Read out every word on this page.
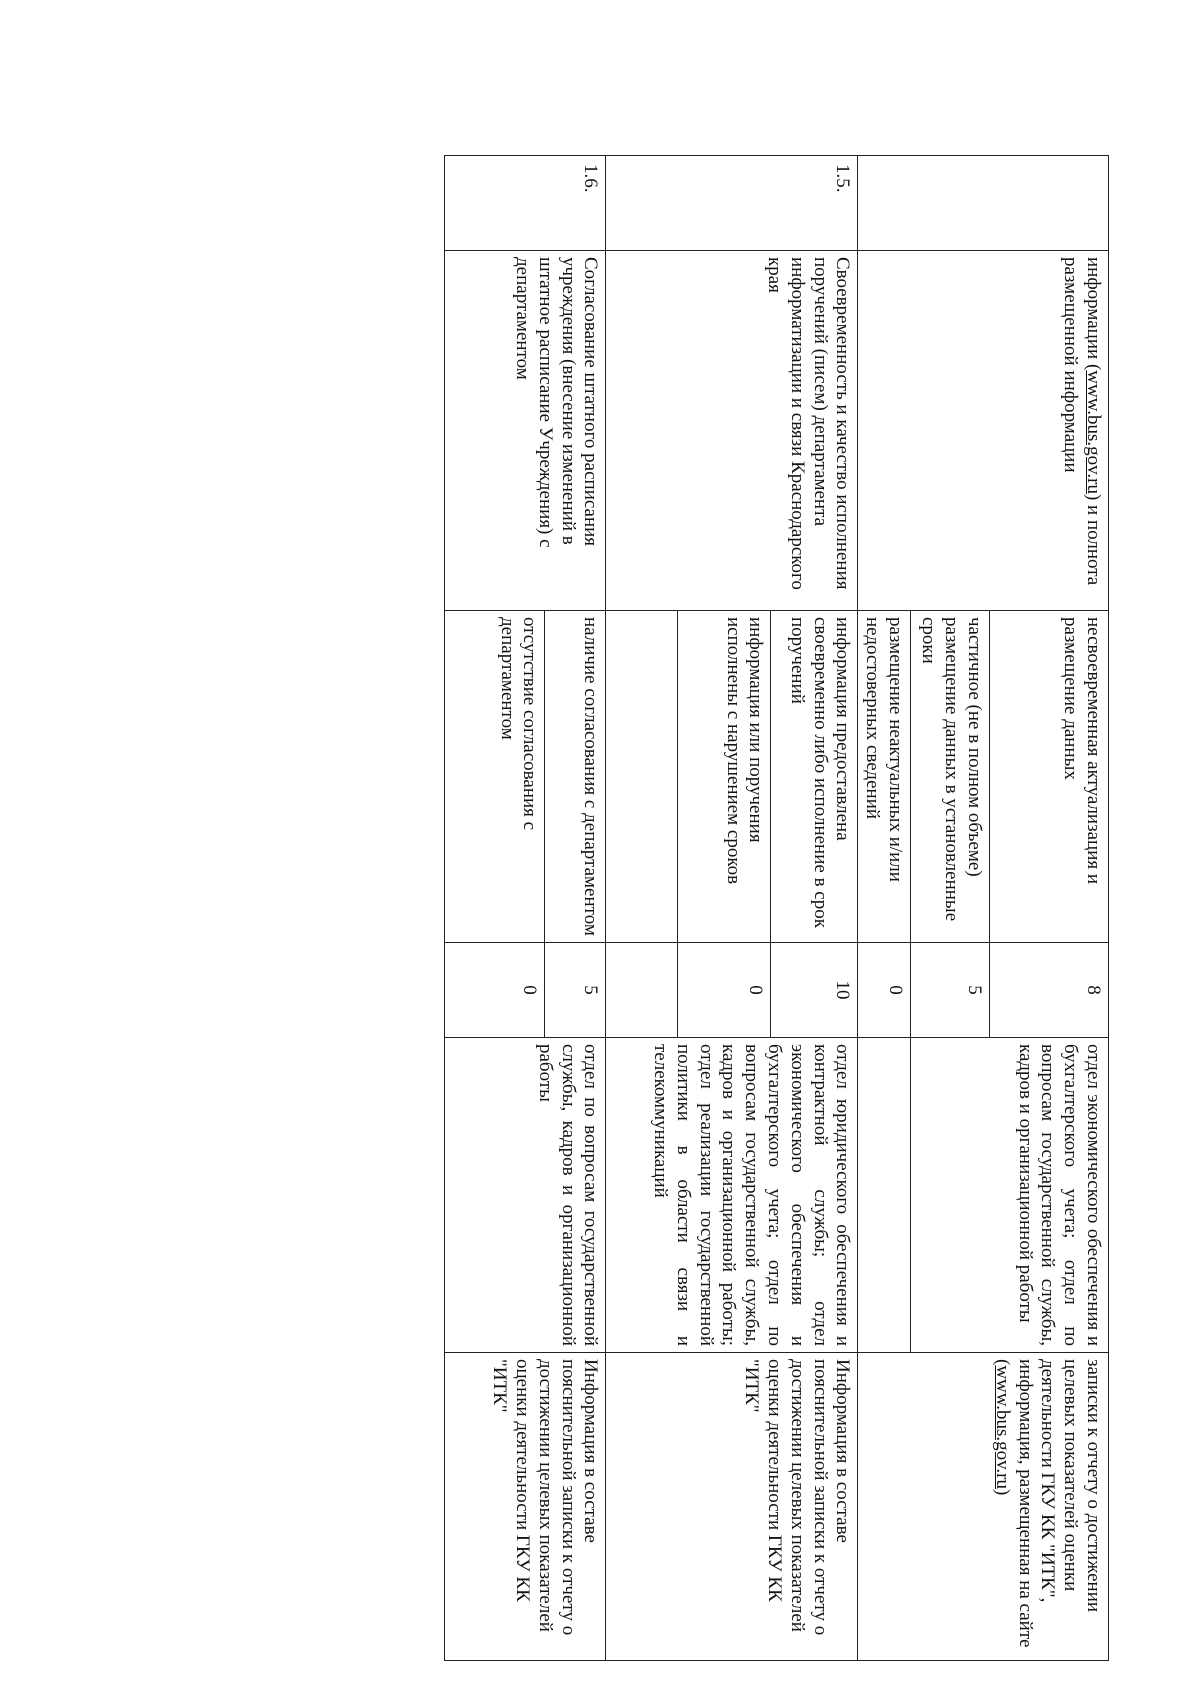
	информации (www.bus.gov.ru) и полнота размещенной информации	несвоевременная актуализация и размещение данных	8	отдел экономического обеспечения и бухгалтерского учета; отдел по вопросам государственной службы, кадров и организационной работы	записки к отчету о достижении целевых показателей оценки деятельности ГКУ КК "ИТК", информация, размещенная на сайте (www.bus.gov.ru)
		частичное (не в полном объеме) размещение данных в установленные сроки	5		
		размещение неактуальных и/или недостоверных сведений	0		
1.5.	Своевременность и качество исполнения поручений (писем) департамента информатизации и связи Краснодарского края	информация предоставлена своевременно либо исполнение в срок поручений	10	отдел юридического обеспечения и контрактной службы; отдел экономического обеспечения и бухгалтерского учета; отдел по вопросам государственной службы, кадров и организационной работы; отдел реализации государственной политики в области связи и телекоммуникаций	Информация в составе пояснительной записки к отчету о достижении целевых показателей оценки деятельности ГКУ КК "ИТК"
		информация или поручения исполнены с нарушением сроков	0		

1.6.	Согласование штатного расписания учреждения (внесение изменений в штатное расписание Учреждения) с департаментом	наличие согласования с департаментом	5	отдел по вопросам государственной службы, кадров и организационной работы	Информация в составе пояснительной записки к отчету о достижении целевых показателей оценки деятельности ГКУ КК "ИТК"
		отсутствие согласования с департаментом	0		
